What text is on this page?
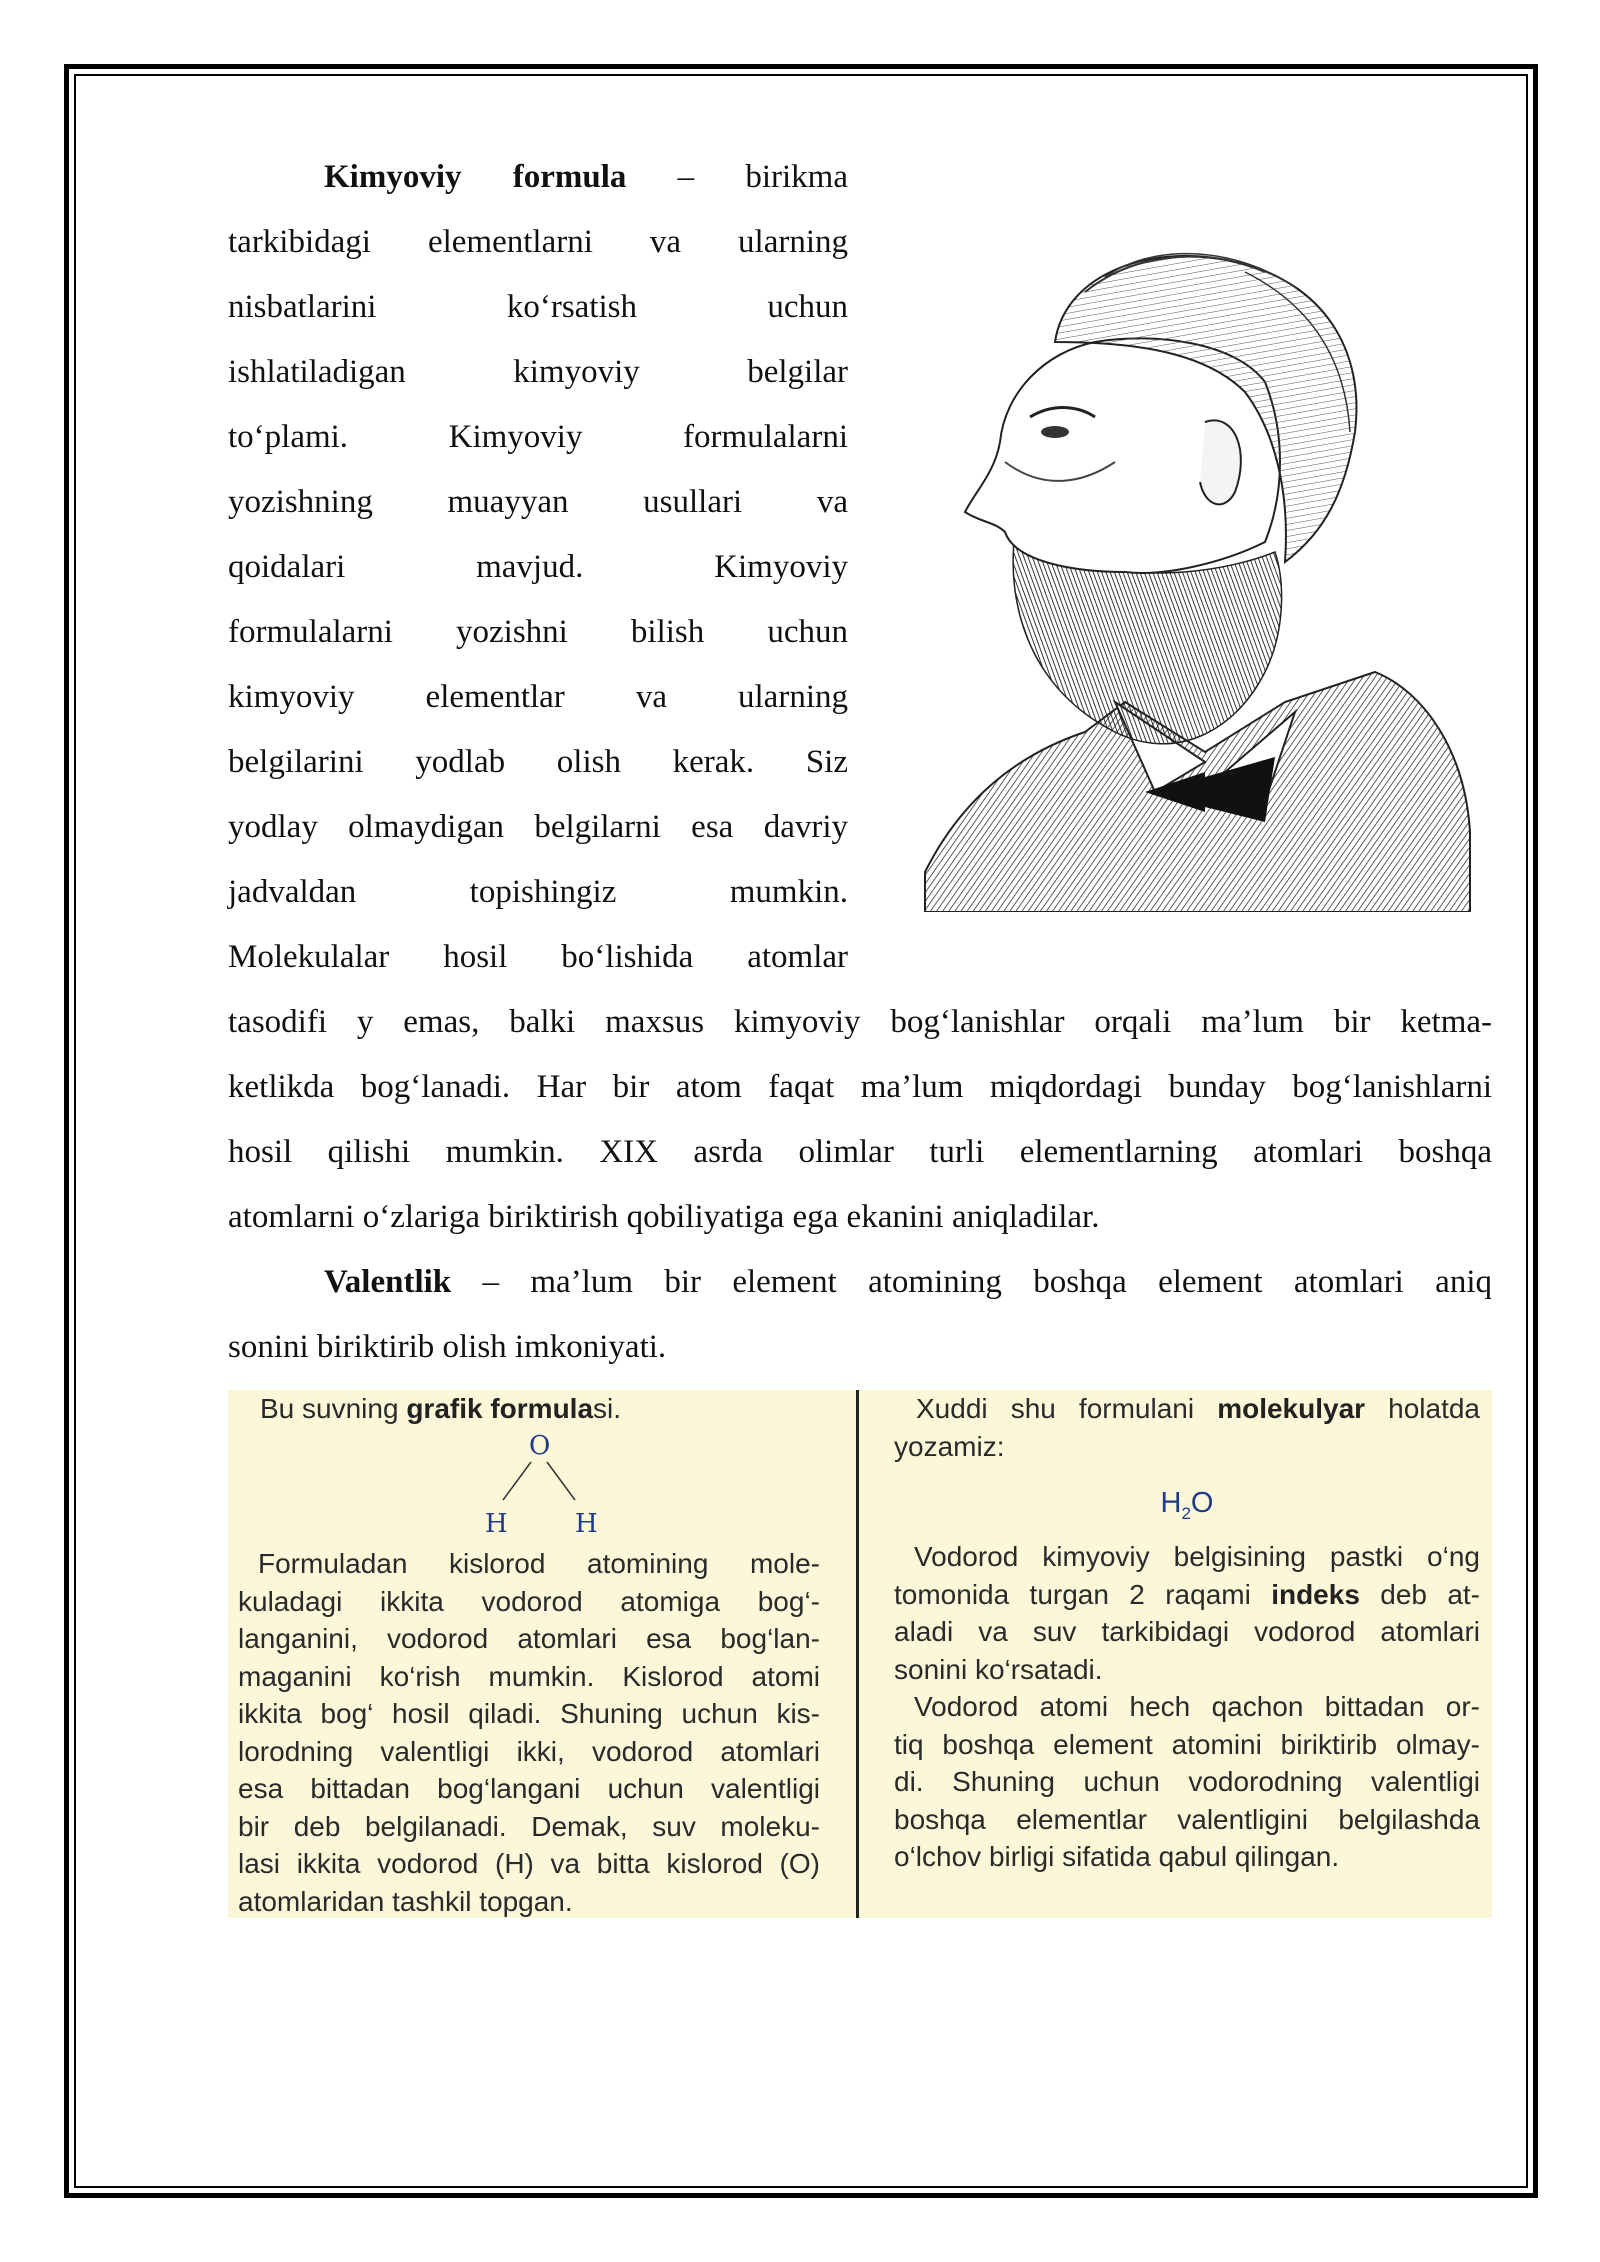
Kimyoviy formula – birikma
tarkibidagi elementlarni va ularning
nisbatlarini ko‘rsatish uchun
ishlatiladigan kimyoviy belgilar
to‘plami. Kimyoviy formulalarni
yozishning muayyan usullari va
qoidalari mavjud. Kimyoviy
formulalarni yozishni bilish uchun
kimyoviy elementlar va ularning
belgilarini yodlab olish kerak. Siz
yodlay olmaydigan belgilarni esa davriy
jadvaldan topishingiz mumkin.
Molekulalar hosil bo‘lishida atomlar

tasodifi y emas, balki maxsus kimyoviy bog‘lanishlar orqali ma’lum bir ketma-
ketlikda bog‘lanadi. Har bir atom faqat ma’lum miqdordagi bunday bog‘lanishlarni
hosil qilishi mumkin. XIX asrda olimlar turli elementlarning atomlari boshqa
atomlarni o‘zlariga biriktirish qobiliyatiga ega ekanini aniqladilar.

Valentlik – ma’lum bir element atomining boshqa element atomlari aniq
sonini biriktirib olish imkoniyati.

Bu suvning grafik formulasi.

O
H	H

Formuladan kislorod atomining mole-

kuladagi ikkita vodorod atomiga bog‘-

langanini, vodorod atomlari esa bog‘lan-

maganini ko‘rish mumkin. Kislorod atomi

ikkita bog‘ hosil qiladi. Shuning uchun kis-

lorodning valentligi ikki, vodorod atomlari

esa bittadan bog‘langani uchun valentligi

bir deb belgilanadi. Demak, suv moleku-

lasi ikkita vodorod (H) va bitta kislorod (O)

atomlaridan tashkil topgan.

Xuddi shu formulani molekulyar holatda

yozamiz:

$H_2O$

Vodorod kimyoviy belgisining pastki o‘ng

tomonida turgan 2 raqami indeks deb at-

aladi va suv tarkibidagi vodorod atomlari

sonini ko‘rsatadi.

Vodorod atomi hech qachon bittadan or-

tiq boshqa element atomini biriktirib olmay-

di. Shuning uchun vodorodning valentligi

boshqa elementlar valentligini belgilashda

o‘lchov birligi sifatida qabul qilingan.
